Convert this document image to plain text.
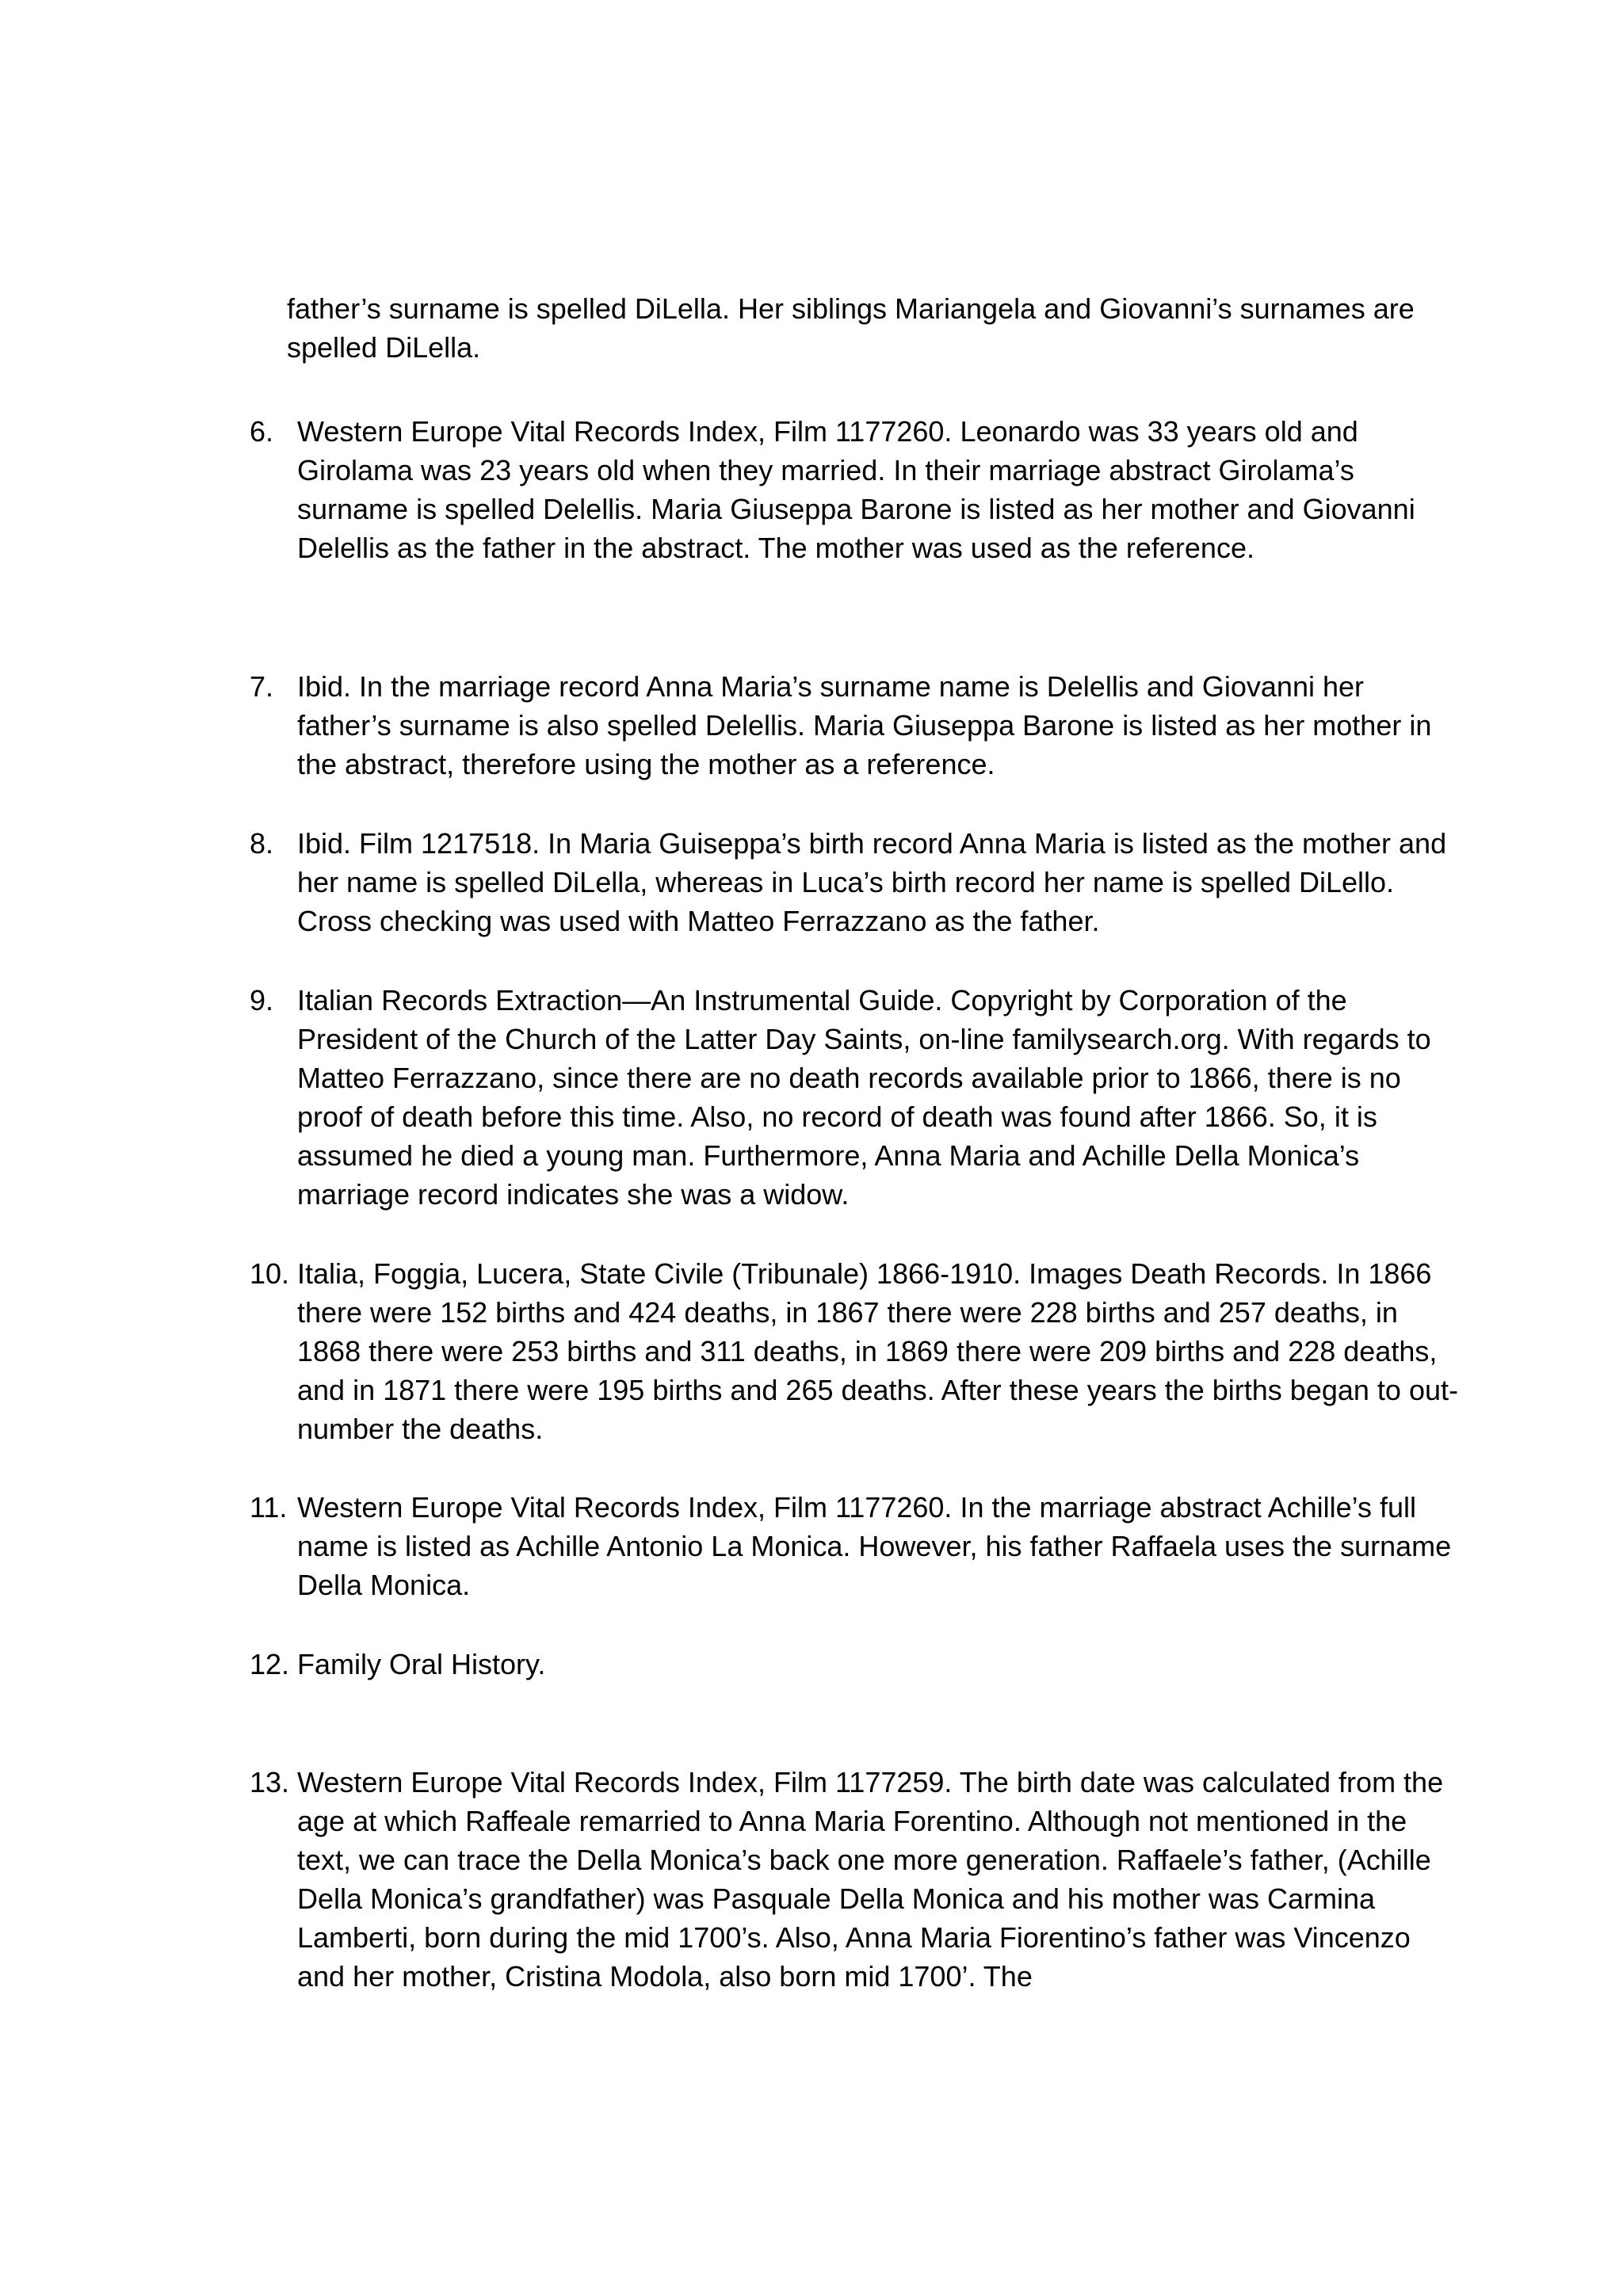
father’s surname is spelled DiLella. Her siblings Mariangela and Giovanni’s surnames are spelled DiLella.
6. Western Europe Vital Records Index, Film 1177260. Leonardo was 33 years old and Girolama was 23 years old when they married. In their marriage abstract Girolama’s surname is spelled Delellis. Maria Giuseppa Barone is listed as her mother and Giovanni Delellis as the father in the abstract. The mother was used as the reference.
7. Ibid. In the marriage record Anna Maria’s surname name is Delellis and Giovanni her father’s surname is also spelled Delellis. Maria Giuseppa Barone is listed as her mother in the abstract, therefore using the mother as a reference.
8. Ibid. Film 1217518. In Maria Guiseppa’s birth record Anna Maria is listed as the mother and her name is spelled DiLella, whereas in Luca’s birth record her name is spelled DiLello. Cross checking was used with Matteo Ferrazzano as the father.
9. Italian Records Extraction—An Instrumental Guide. Copyright by Corporation of the President of the Church of the Latter Day Saints, on-line familysearch.org. With regards to Matteo Ferrazzano, since there are no death records available prior to 1866, there is no proof of death before this time. Also, no record of death was found after 1866. So, it is assumed he died a young man. Furthermore, Anna Maria and Achille Della Monica’s marriage record indicates she was a widow.
10. Italia, Foggia, Lucera, State Civile (Tribunale) 1866-1910. Images Death Records. In 1866 there were 152 births and 424 deaths, in 1867 there were 228 births and 257 deaths, in 1868 there were 253 births and 311 deaths, in 1869 there were 209 births and 228 deaths, and in 1871 there were 195 births and 265 deaths. After these years the births began to out- number the deaths.
11. Western Europe Vital Records Index, Film 1177260. In the marriage abstract Achille’s full name is listed as Achille Antonio La Monica. However, his father Raffaela uses the surname Della Monica.
12. Family Oral History.
13. Western Europe Vital Records Index, Film 1177259. The birth date was calculated from the age at which Raffeale remarried to Anna Maria Forentino. Although not mentioned in the text, we can trace the Della Monica’s back one more generation. Raffaele’s father, (Achille Della Monica’s grandfather) was Pasquale Della Monica and his mother was Carmina Lamberti, born during the mid 1700’s. Also, Anna Maria Fiorentino’s father was Vincenzo and her mother, Cristina Modola, also born mid 1700’. The
